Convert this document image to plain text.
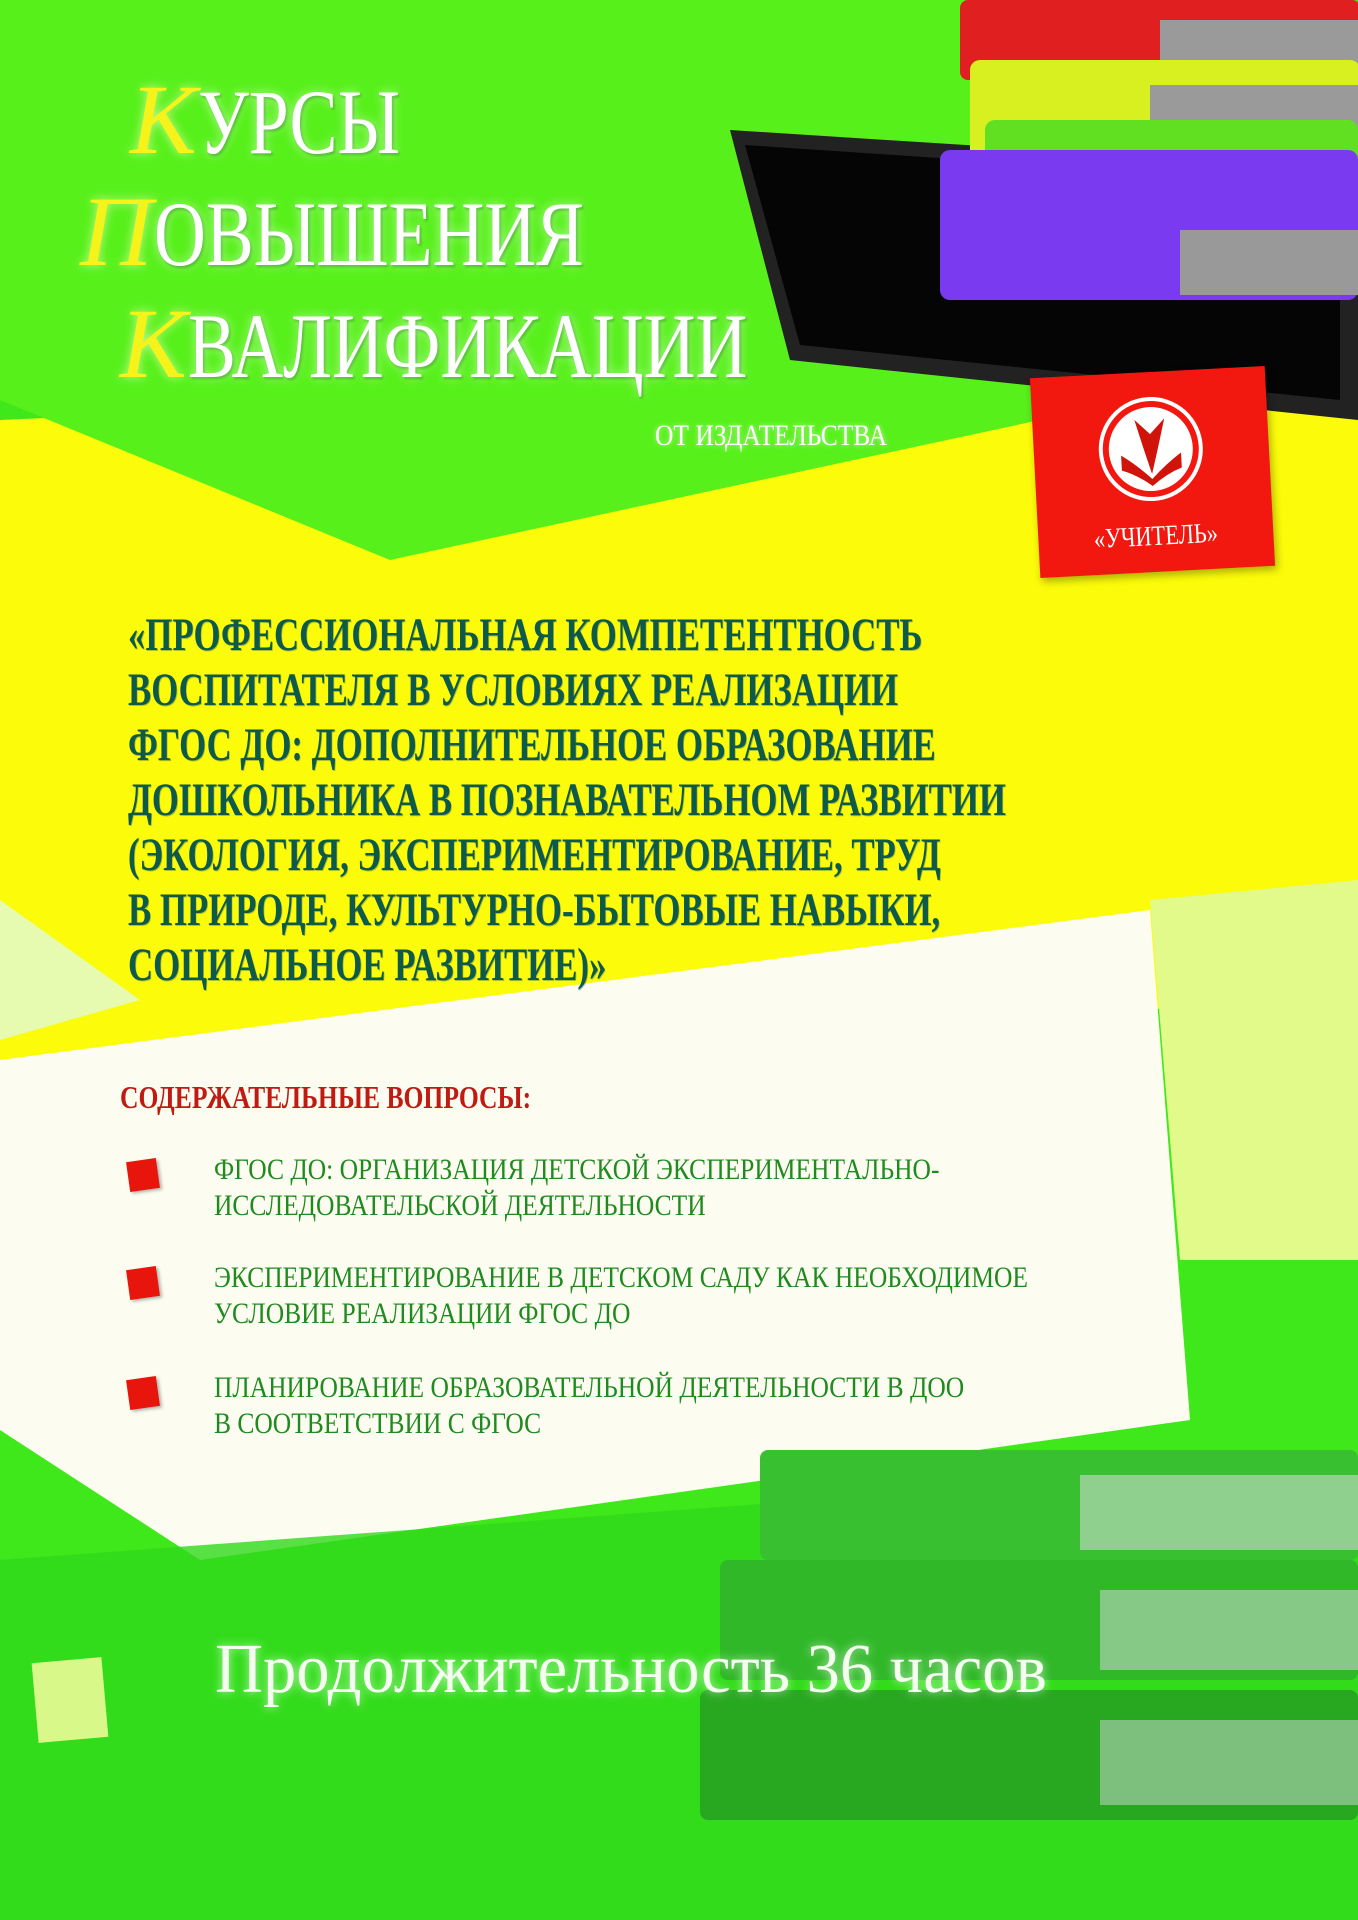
КУРСЫ
ПОВЫШЕНИЯ
КВАЛИФИКАЦИИ
ОТ ИЗДАТЕЛЬСТВА
«УЧИТЕЛЬ»
«ПРОФЕССИОНАЛЬНАЯ КОМПЕТЕНТНОСТЬ
ВОСПИТАТЕЛЯ В УСЛОВИЯХ РЕАЛИЗАЦИИ
ФГОС ДО: ДОПОЛНИТЕЛЬНОЕ ОБРАЗОВАНИЕ
ДОШКОЛЬНИКА В ПОЗНАВАТЕЛЬНОМ РАЗВИТИИ
(ЭКОЛОГИЯ, ЭКСПЕРИМЕНТИРОВАНИЕ, ТРУД
В ПРИРОДЕ, КУЛЬТУРНО-БЫТОВЫЕ НАВЫКИ,
СОЦИАЛЬНОЕ РАЗВИТИЕ)»
СОДЕРЖАТЕЛЬНЫЕ ВОПРОСЫ:
ФГОС ДО: ОРГАНИЗАЦИЯ ДЕТСКОЙ ЭКСПЕРИМЕНТАЛЬНО-
ИССЛЕДОВАТЕЛЬСКОЙ ДЕЯТЕЛЬНОСТИ
ЭКСПЕРИМЕНТИРОВАНИЕ В ДЕТСКОМ САДУ КАК НЕОБХОДИМОЕ
УСЛОВИЕ РЕАЛИЗАЦИИ ФГОС ДО
ПЛАНИРОВАНИЕ ОБРАЗОВАТЕЛЬНОЙ ДЕЯТЕЛЬНОСТИ В ДОО
В СООТВЕТСТВИИ С ФГОС
Продолжительность 36 часов
